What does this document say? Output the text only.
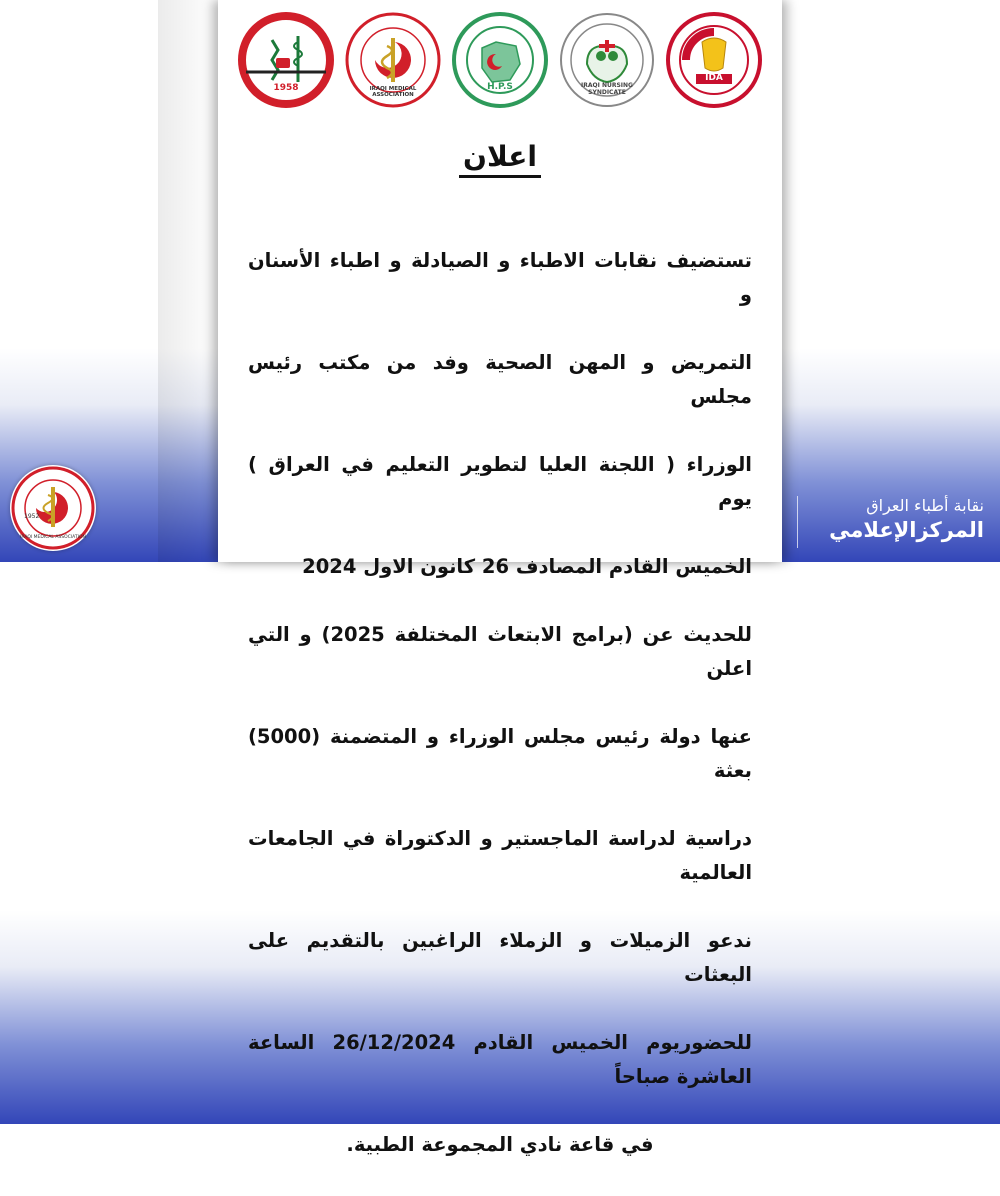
IDA
IRAQI NURSING SYNDICATE
H.P.S
IRAQI MEDICAL ASSOCIATION
1958
اعلان

تستضيف نقابات الاطباء و الصيادلة و اطباء الأسنان و

التمريض و المهن الصحية وفد من مكتب رئيس مجلس

الوزراء ( اللجنة العليا لتطوير التعليم في العراق ) يوم

الخميس القادم المصادف 26 كانون الاول 2024

للحديث عن (برامج الابتعاث المختلفة 2025) و التي اعلن

عنها دولة رئيس مجلس الوزراء و المتضمنة (5000) بعثة

دراسية لدراسة الماجستير و الدكتوراة في الجامعات العالمية

ندعو الزميلات و الزملاء الراغبين بالتقديم على البعثات

للحضوريوم الخميس القادم 26/12/2024 الساعة العاشرة صباحاً

في قاعة نادي المجموعة الطبية.

1952
IRAQI MEDICAL ASSOCIATION
نقابة أطباء العراق
المركزالإعلامي
